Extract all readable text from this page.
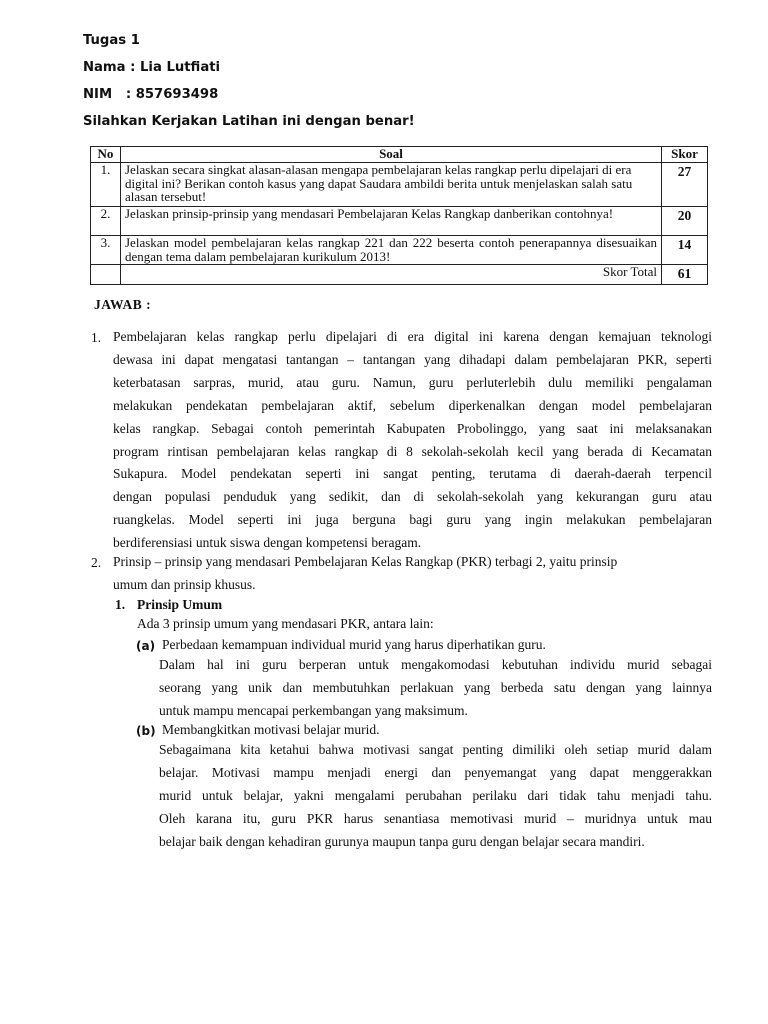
Tugas 1
Nama : Lia Lutfiati
NIM   : 857693498
Silahkan Kerjakan Latihan ini dengan benar!
No	Soal	Skor
1.	Jelaskan secara singkat alasan-alasan mengapa pembelajaran kelas rangkap perlu dipelajari di era digital ini? Berikan contoh kasus yang dapat Saudara ambildi berita untuk menjelaskan salah satu alasan tersebut!	27
2.	Jelaskan prinsip-prinsip yang mendasari Pembelajaran Kelas Rangkap danberikan contohnya!	20
3.	Jelaskan model pembelajaran kelas rangkap 221 dan 222 beserta contoh penerapannya disesuaikan dengan tema dalam pembelajaran kurikulum 2013!	14
	Skor Total	61
JAWAB :
1. Pembelajaran kelas rangkap perlu dipelajari di era digital ini karena dengan kemajuan teknologi
dewasa ini dapat mengatasi tantangan – tantangan yang dihadapi dalam pembelajaran PKR, seperti
keterbatasan sarpras, murid, atau guru. Namun, guru perluterlebih dulu memiliki pengalaman
melakukan pendekatan pembelajaran aktif, sebelum diperkenalkan dengan model pembelajaran
kelas rangkap. Sebagai contoh pemerintah Kabupaten Probolinggo, yang saat ini melaksanakan
program rintisan pembelajaran kelas rangkap di 8 sekolah-sekolah kecil yang berada di Kecamatan
Sukapura. Model pendekatan seperti ini sangat penting, terutama di daerah-daerah terpencil
dengan populasi penduduk yang sedikit, dan di sekolah-sekolah yang kekurangan guru atau
ruangkelas. Model seperti ini juga berguna bagi guru yang ingin melakukan pembelajaran
berdiferensiasi untuk siswa dengan kompetensi beragam.
2. Prinsip – prinsip yang mendasari Pembelajaran Kelas Rangkap (PKR) terbagi 2, yaitu prinsip
umum dan prinsip khusus.
1. Prinsip Umum
Ada 3 prinsip umum yang mendasari PKR, antara lain:
(a) Perbedaan kemampuan individual murid yang harus diperhatikan guru.
Dalam hal ini guru berperan untuk mengakomodasi kebutuhan individu murid sebagai
seorang yang unik dan membutuhkan perlakuan yang berbeda satu dengan yang lainnya
untuk mampu mencapai perkembangan yang maksimum.
(b) Membangkitkan motivasi belajar murid.
Sebagaimana kita ketahui bahwa motivasi sangat penting dimiliki oleh setiap murid dalam
belajar. Motivasi mampu menjadi energi dan penyemangat yang dapat menggerakkan
murid untuk belajar, yakni mengalami perubahan perilaku dari tidak tahu menjadi tahu.
Oleh karana itu, guru PKR harus senantiasa memotivasi murid – muridnya untuk mau
belajar baik dengan kehadiran gurunya maupun tanpa guru dengan belajar secara mandiri.
